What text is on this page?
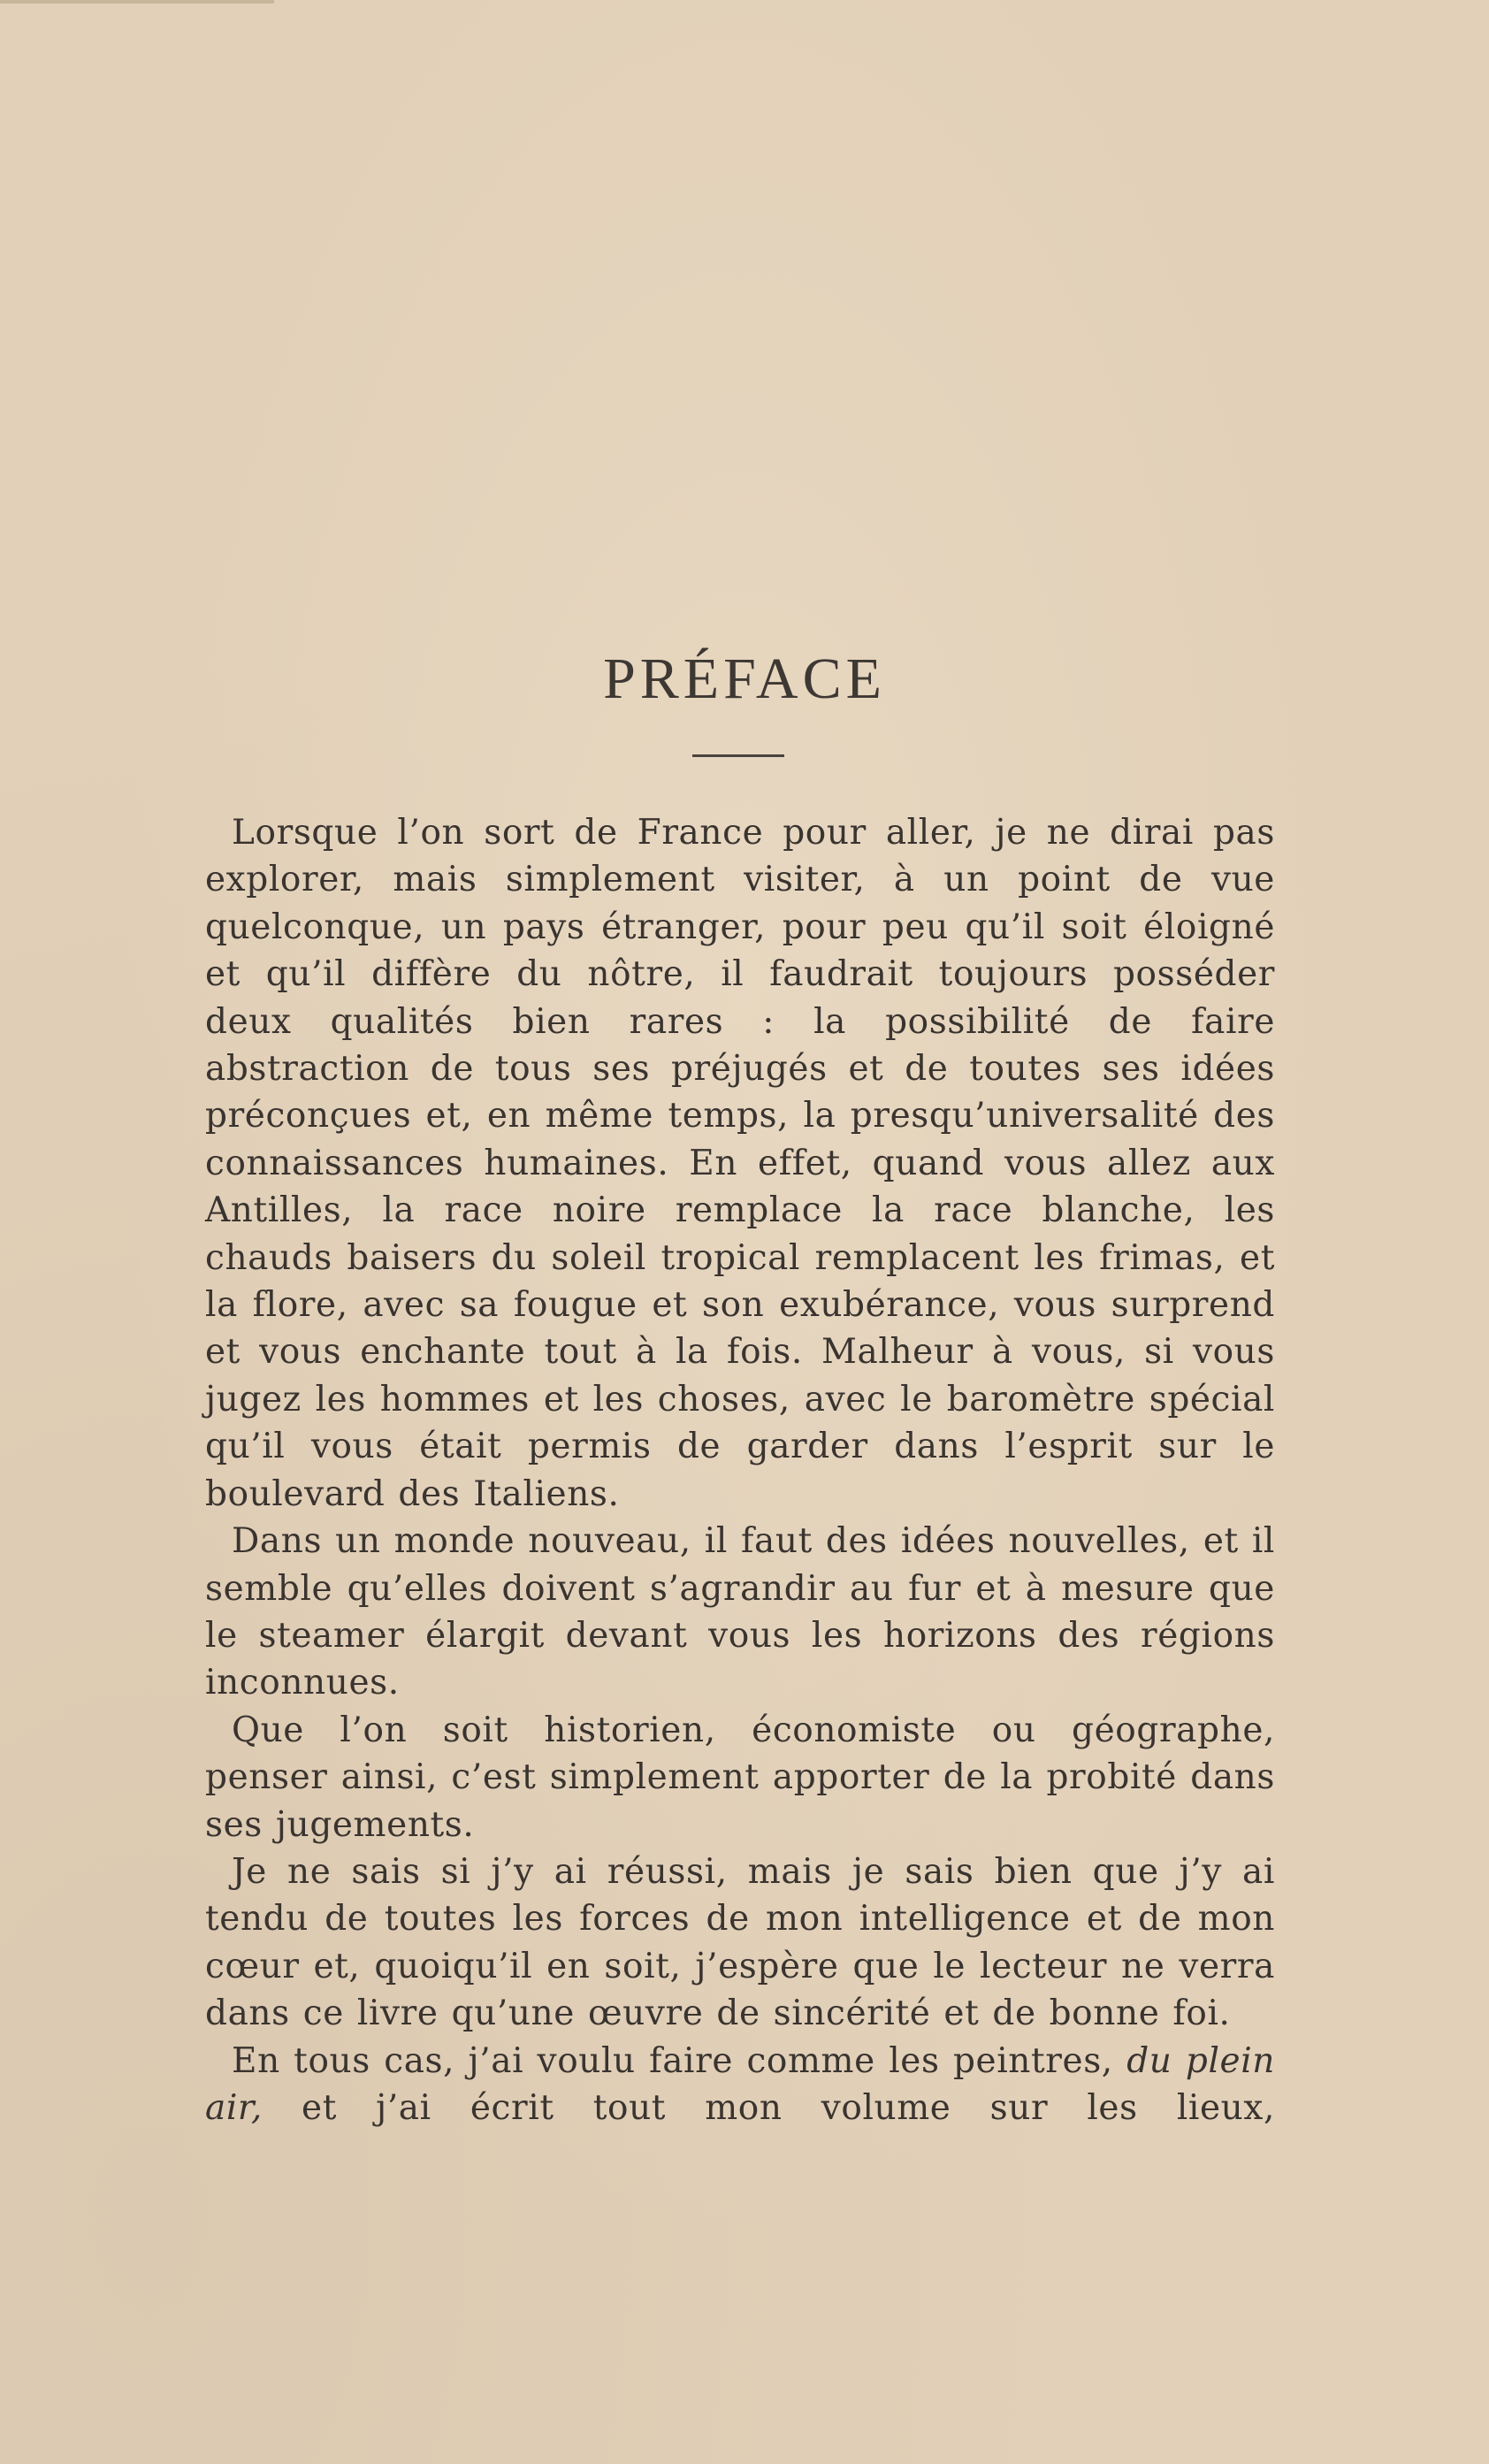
PRÉFACE

Lorsque l’on sort de France pour aller, je ne dirai pas explorer, mais simplement visiter, à un point de vue quelconque, un pays étranger, pour peu qu’il soit éloigné et qu’il diffère du nôtre, il faudrait toujours posséder deux qualités bien rares : la possibilité de faire abstraction de tous ses préjugés et de toutes ses idées préconçues et, en même temps, la presqu’universalité des connaissances humaines. En effet, quand vous allez aux Antilles, la race noire remplace la race blanche, les chauds baisers du soleil tropical remplacent les frimas, et la flore, avec sa fougue et son exubérance, vous surprend et vous enchante tout à la fois. Malheur à vous, si vous jugez les hommes et les choses, avec le baromètre spécial qu’il vous était permis de garder dans l’esprit sur le boulevard des Italiens.

Dans un monde nouveau, il faut des idées nouvelles, et il semble qu’elles doivent s’agrandir au fur et à mesure que le steamer élargit devant vous les horizons des régions inconnues.

Que l’on soit historien, économiste ou géographe, penser ainsi, c’est simplement apporter de la probité dans ses jugements.

Je ne sais si j’y ai réussi, mais je sais bien que j’y ai tendu de toutes les forces de mon intelligence et de mon cœur et, quoiqu’il en soit, j’espère que le lecteur ne verra dans ce livre qu’une œuvre de sincérité et de bonne foi.

En tous cas, j’ai voulu faire comme les peintres, du plein air, et j’ai écrit tout mon volume sur les lieux,
